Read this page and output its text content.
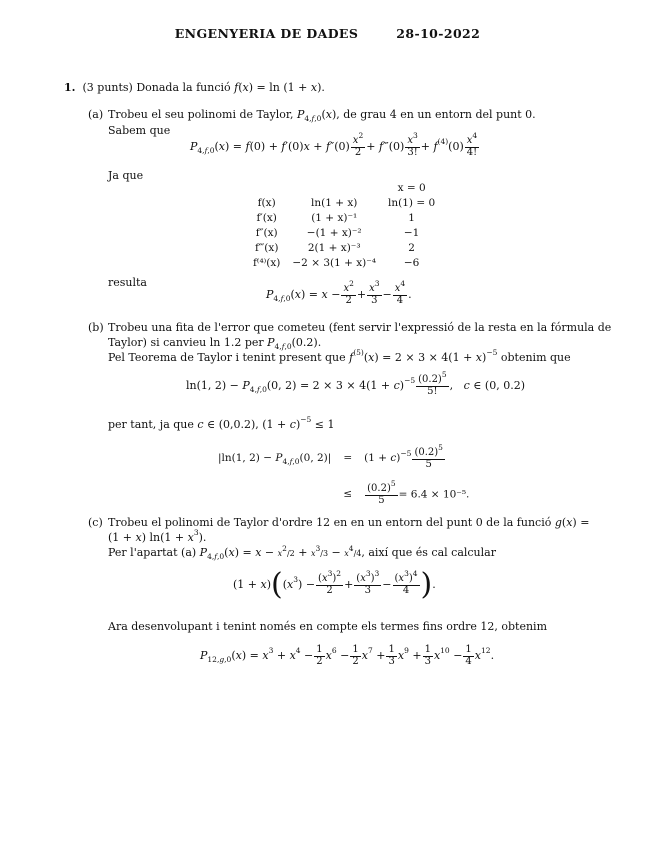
ENGENYERIA DE DADES	28-10-2022
1. (3 punts) Donada la funció f(x) = ln (1 + x).
(a) Trobeu el seu polinomi de Taylor, $P_{4,f,0}(x)$, de grau 4 en un entorn del punt 0.
Sabem que
$P_{4,f,0}(x) = f(0) + f'(0)x + f''(0) \frac{x^2}{2}$ + f‴(0) $\frac{x^3}{3!} + f^{(4)}(0) \frac{x^4}{4!}$
Ja que
		x = 0
f(x)	ln(1 + x)	ln(1) = 0
f′(x)	(1 + x)⁻¹	1
f″(x)	−(1 + x)⁻²	−1
f‴(x)	2(1 + x)⁻³	2
f⁽⁴⁾(x)	−2 × 3(1 + x)⁻⁴	−6
resulta
$P_{4,f,0}(x) = x - \frac{x^2}{2} + \frac{x^3}{3} - \frac{x^4}{4}$ .
(b) Trobeu una fita de l'error que cometeu (fent servir l'expressió de la resta en la fórmula de
Taylor) si canvieu ln 1.2 per $P_{4,f,0}(0.2)$.
Pel Teorema de Taylor i tenint present que $f^{(5)}(x) = 2 \times 3 \times 4(1 + x)^{-5}$ obtenim que
ln(1, $2) - P_{4,f,0}(0$, $2) = 2 \times 3 \times 4(1 + c)^{-5} \frac{(0.2)^5}{5!}$ ,   c ∈ (0, 0.2)
per tant, ja que c ∈ (0,0.2), $(1 + c)^{-5} \le 1$
|ln(1, $2) - P_{4,f,0}(0$, 2)|	=	$(1 + c)^{-5} \frac{(0.2)^5}{5}$

	≤	$\frac{(0.2)^5}{5} = 6.4 \times 10^{-5}$.
(c) Trobeu el polinomi de Taylor d'ordre 12 en en un entorn del punt 0 de la funció g(x) =
(1 + x) $\ln(1 + x^3)$.
Per l'apartat (a) $P_{4,f,0}(x) = x - x^2/2 + x^3/3 - x^4/4$, així que és cal calcular
$(1 + x)((x^3) - \frac{(x^3)^2}{2} + \frac{(x^3)^3}{3} - \frac{(x^3)^4}{4}$ ).
Ara desenvolupant i tenint només en compte els termes fins ordre 12, obtenim
$P_{12,g,0}(x) = x^3 + x^4 - \frac{1}{2} x^6 - \frac{1}{2} x^7 + \frac{1}{3} x^9 + \frac{1}{3} x^{10} - \frac{1}{4} x^{12}$.
